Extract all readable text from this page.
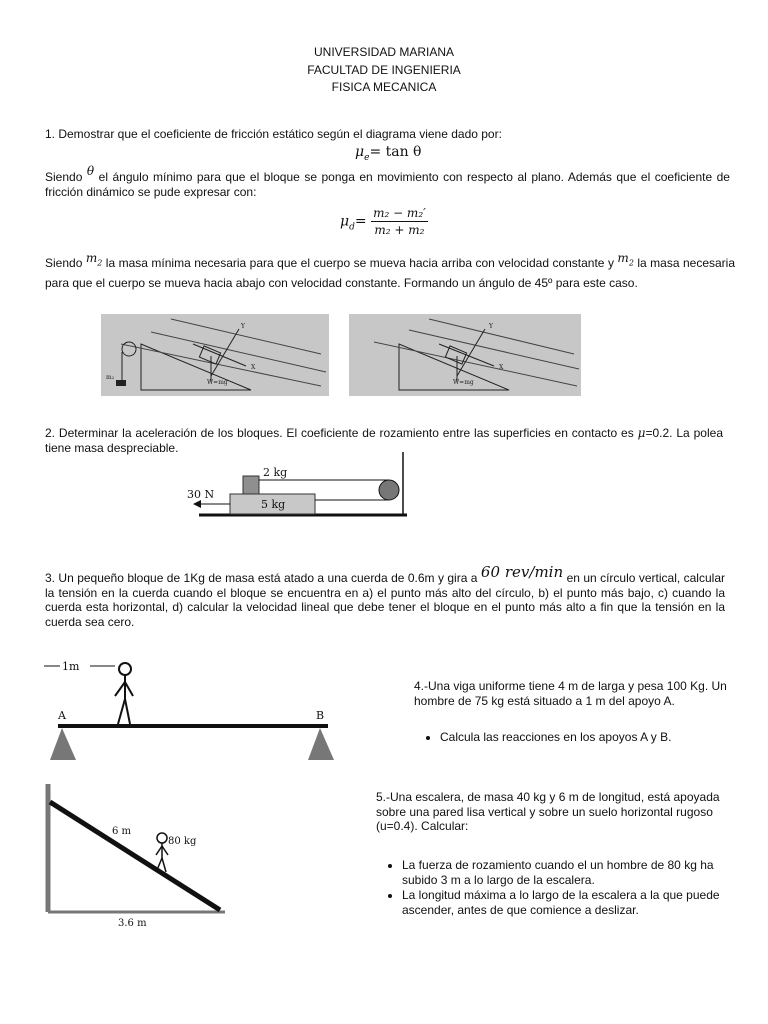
UNIVERSIDAD MARIANA
FACULTAD DE INGENIERIA
FISICA MECANICA
1. Demostrar que el coeficiente de fricción estático según el diagrama viene dado por:
$\mu_e= \tan \theta$
Siendo θ el ángulo mínimo para que el bloque se ponga en movimiento con respecto al plano. Además que el coeficiente de fricción dinámico se pude expresar con:
$\mu_d= \frac{\text{m₂ − m₂′}}{\text{m₂ + m₂}}$
Siendo $m_2$ la masa mínima necesaria para que el cuerpo se mueva hacia arriba con velocidad constante y $m_2$ la masa necesaria para que el cuerpo se mueva hacia abajo con velocidad constante. Formando un ángulo de 45º para este caso.
W=mg
Y
X
m₂
W=mg
Y
X
2. Determinar la aceleración de los bloques. El coeficiente de rozamiento entre las superficies en contacto es μ=0.2. La polea tiene masa despreciable.
2 kg
5 kg
30 N
3. Un pequeño bloque de 1Kg de masa está atado a una cuerda de 0.6m y gira a 60 rev/min en un círculo vertical, calcular la tensión en la cuerda cuando el bloque se encuentra en a) el punto más alto del círculo, b) el punto más bajo, c) cuando la cuerda esta horizontal, d) calcular la velocidad lineal que debe tener el bloque en el punto más alto a fin que la tensión en la cuerda sea cero.
1m
A	B
4.-Una viga uniforme tiene 4 m de larga y pesa 100 Kg. Un hombre de 75 kg está situado a 1 m del apoyo A.
• Calcula las reacciones en los apoyos A y B.
6 m
80 kg
3.6 m
5.-Una escalera, de masa 40 kg y 6 m de longitud, está apoyada sobre una pared lisa vertical y sobre un suelo horizontal rugoso (u=0.4). Calcular:
• La fuerza de rozamiento cuando el un hombre de 80 kg ha subido 3 m a lo largo de la escalera.
• La longitud máxima a lo largo de la escalera a la que puede ascender, antes de que comience a deslizar.
